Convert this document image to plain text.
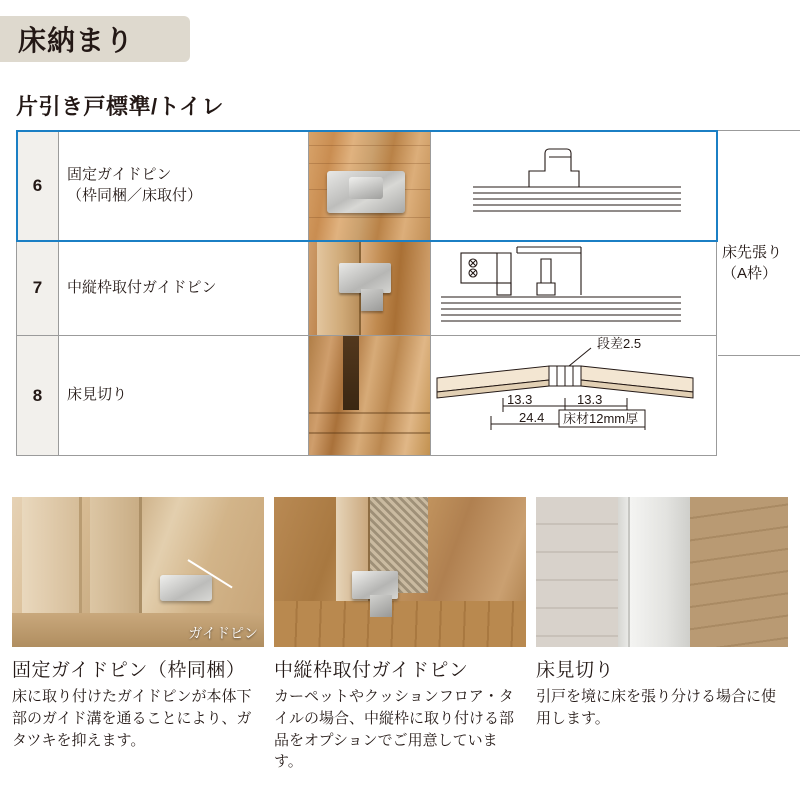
床納まり
片引き戸標準/トイレ
6	固定ガイドピン
（枠同梱／床取付）

7	中縦枠取付ガイドピン

8	床見切り		段差2.5
13.3 13.3
24.4 床材12mm厚
床先張り
（A枠）
ガイドピン
固定ガイドピン（枠同梱）

床に取り付けたガイドピンが本体下部のガイド溝を通ることにより、ガタツキを抑えます。

中縦枠取付ガイドピン

カーペットやクッションフロア・タイルの場合、中縦枠に取り付ける部品をオプションでご用意しています。

床見切り

引戸を境に床を張り分ける場合に使用します。
